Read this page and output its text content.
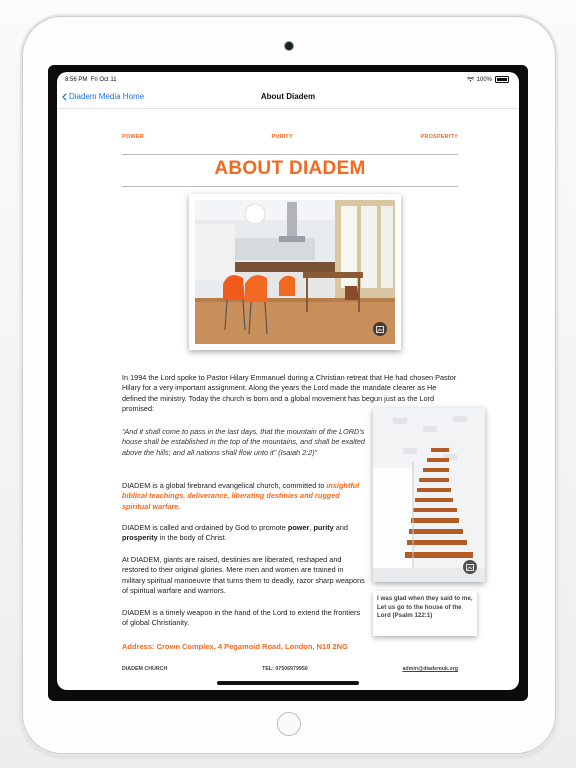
8:56 PM Fri Oct 11	100%
Diadem Media Home	About Diadem
POWER	PURITY	PROSPERITY
ABOUT DIADEM

In 1994 the Lord spoke to Pastor Hilary Emmanuel during a Christian retreat that He had chosen Pastor Hilary for a very important assignment. Along the years the Lord made the mandate clearer as He defined the ministry. Today the church is born and a global movement has begun just as the Lord promised:

“And it shall come to pass in the last days, that the mountain of the LORD's house shall be established in the top of the mountains, and shall be exalted above the hills; and all nations shall flow unto it” (Isaiah 2:2)”

DIADEM is a global firebrand evangelical church, committed to insightful biblical teachings, deliverance, liberating destinies and rugged spiritual warfare.

DIADEM is called and ordained by God to promote power, purity and prosperity in the body of Christ.

At DIADEM, giants are raised, destinies are liberated, reshaped and restored to their original glories. Mere men and women are trained in military spiritual manoeuvre that turns them to deadly, razor sharp weapons of spiritual warfare and warriors.

DIADEM is a timely weapon in the hand of the Lord to extend the frontiers of global Christianity.

I was glad when they said to me, Let us go to the house of the Lord (Psalm 122:1)
Address: Crown Complex, 4 Pegamoid Road, London, N18 2NG
DIADEM CHURCH	TEL: 07506979950	admin@diademuk.org
